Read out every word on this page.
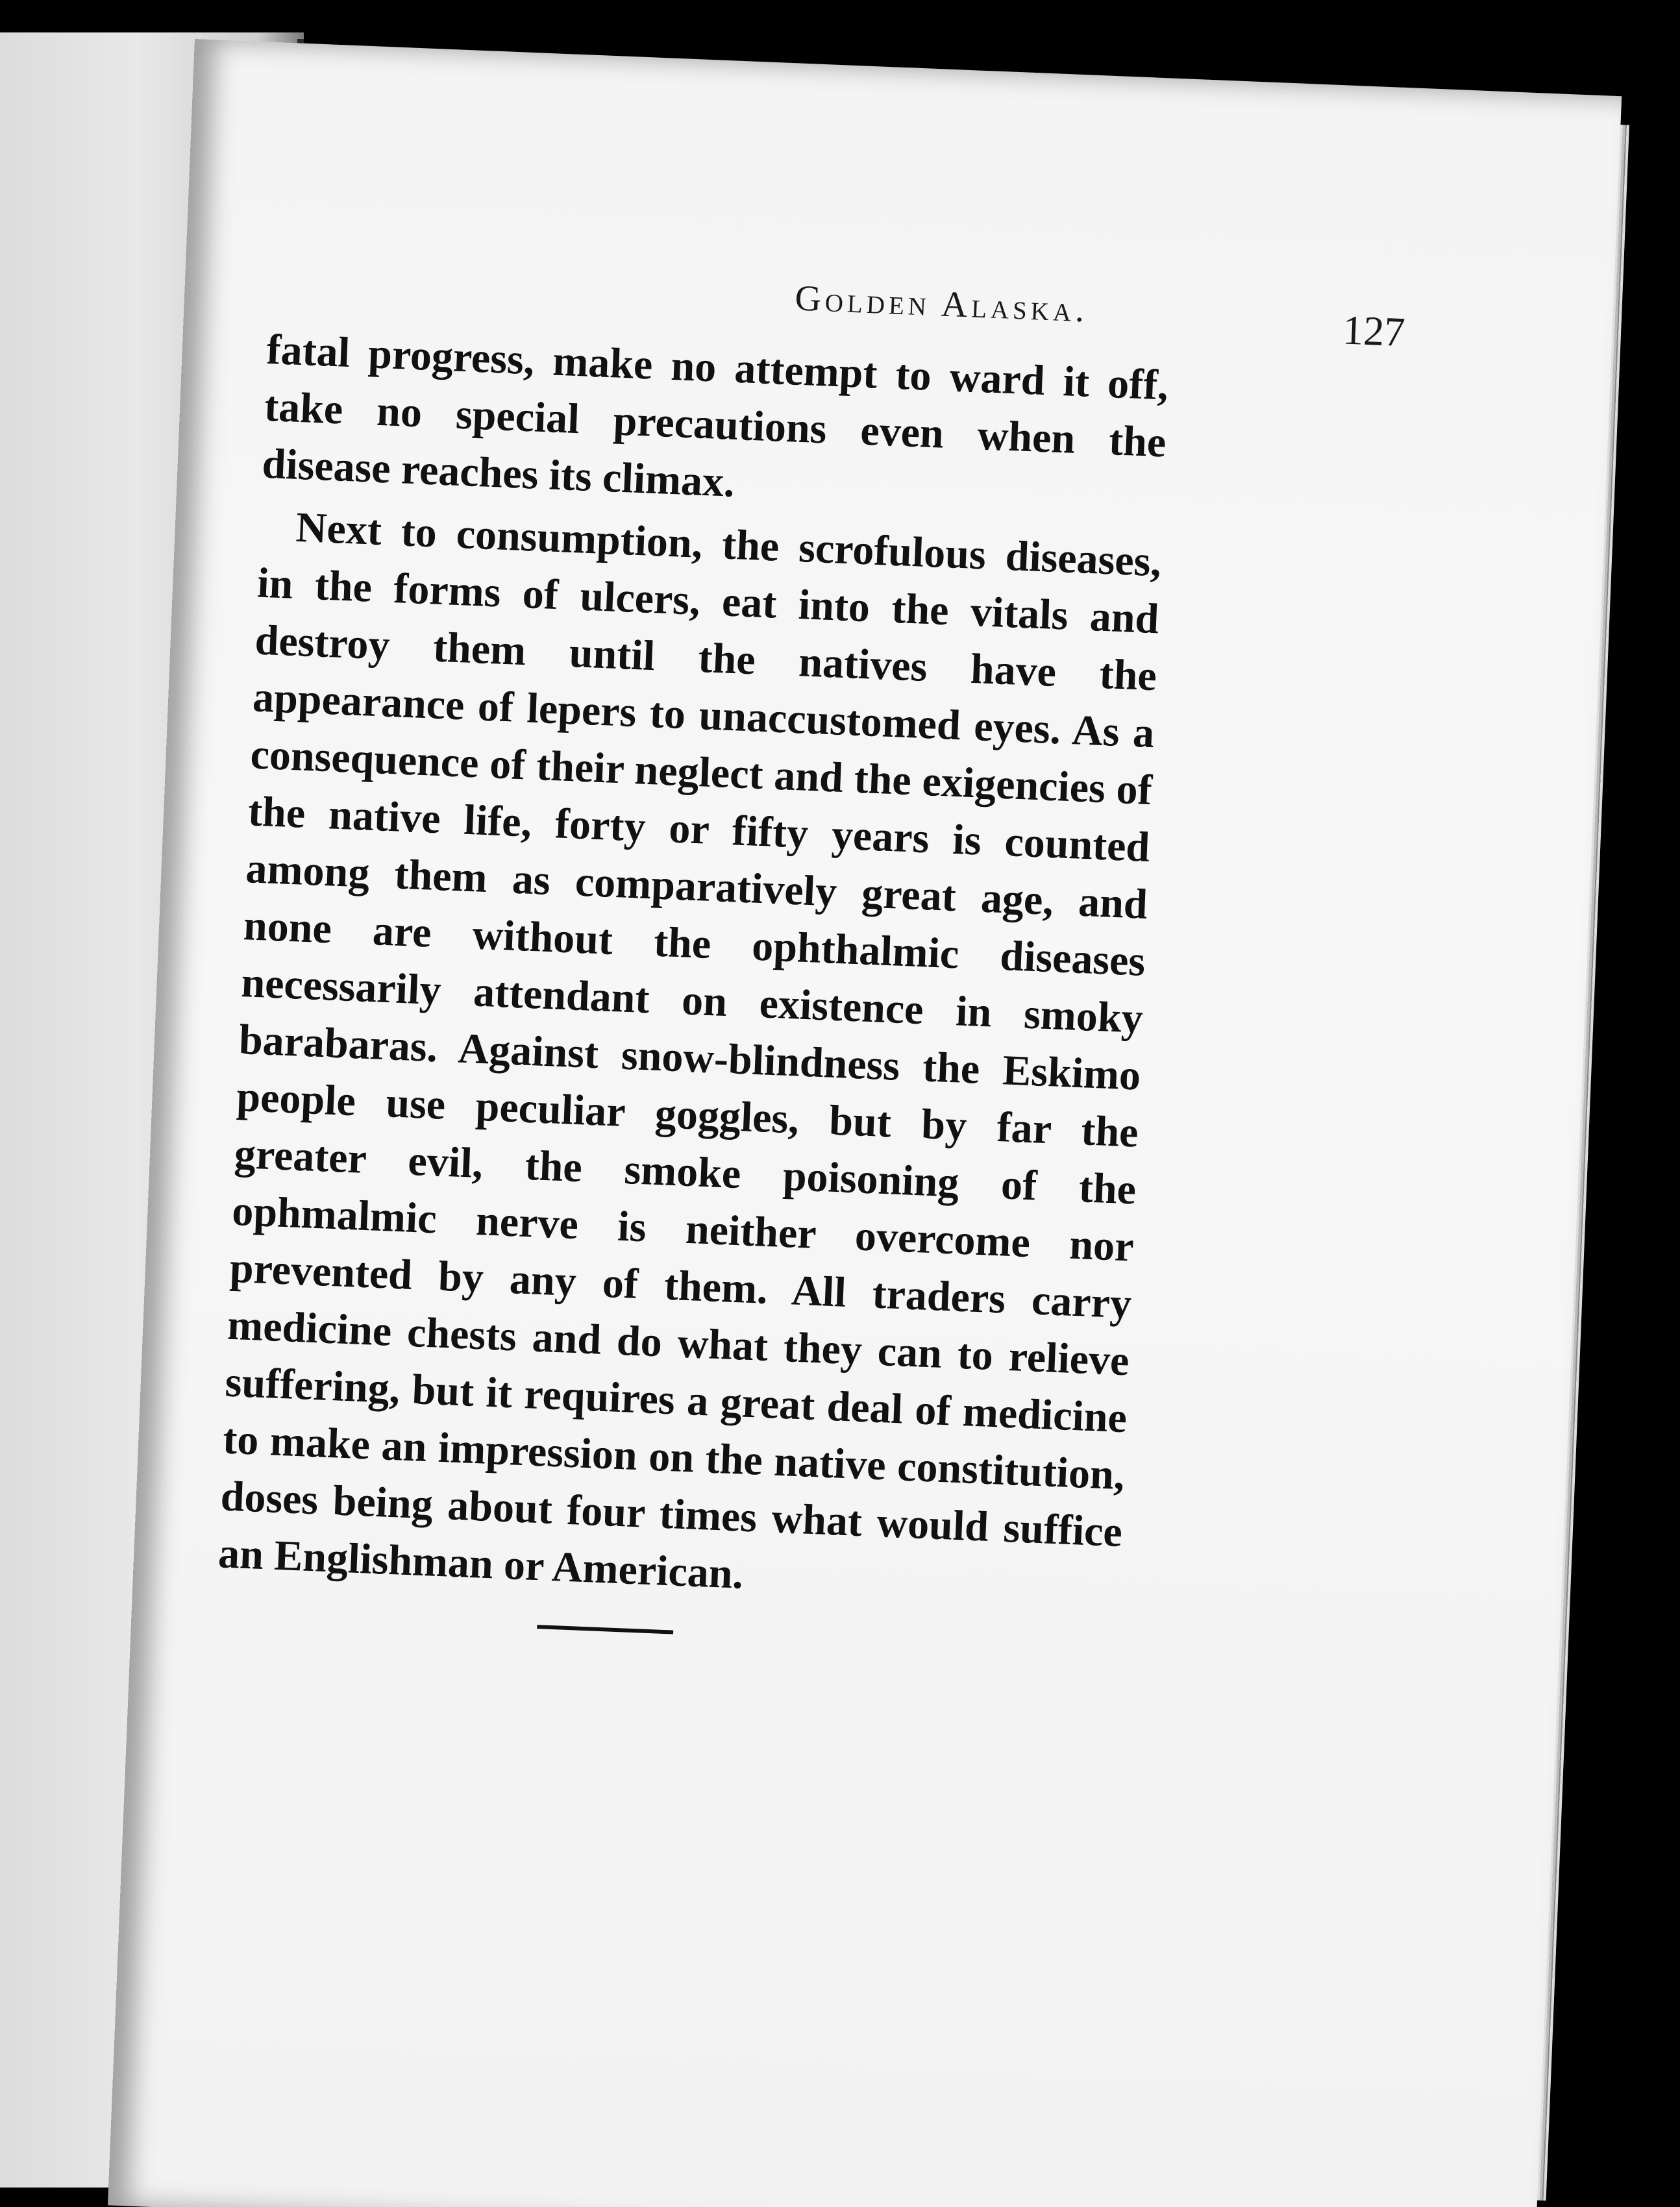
Golden Alaska.
127

fatal progress, make no attempt to ward it off, take no special precautions even when the disease reaches its climax.

Next to consumption, the scrofulous diseases, in the forms of ulcers, eat into the vitals and destroy them until the natives have the appearance of lepers to unaccustomed eyes. As a consequence of their neglect and the exigencies of the native life, forty or fifty years is counted among them as comparatively great age, and none are without the ophthalmic diseases necessarily attendant on existence in smoky barabaras. Against snow-blindness the Eskimo people use peculiar goggles, but by far the greater evil, the smoke poisoning of the ophmalmic nerve is neither overcome nor prevented by any of them. All traders carry medicine chests and do what they can to relieve suffering, but it requires a great deal of medicine to make an impression on the native constitution, doses being about four times what would suffice an Englishman or American.
